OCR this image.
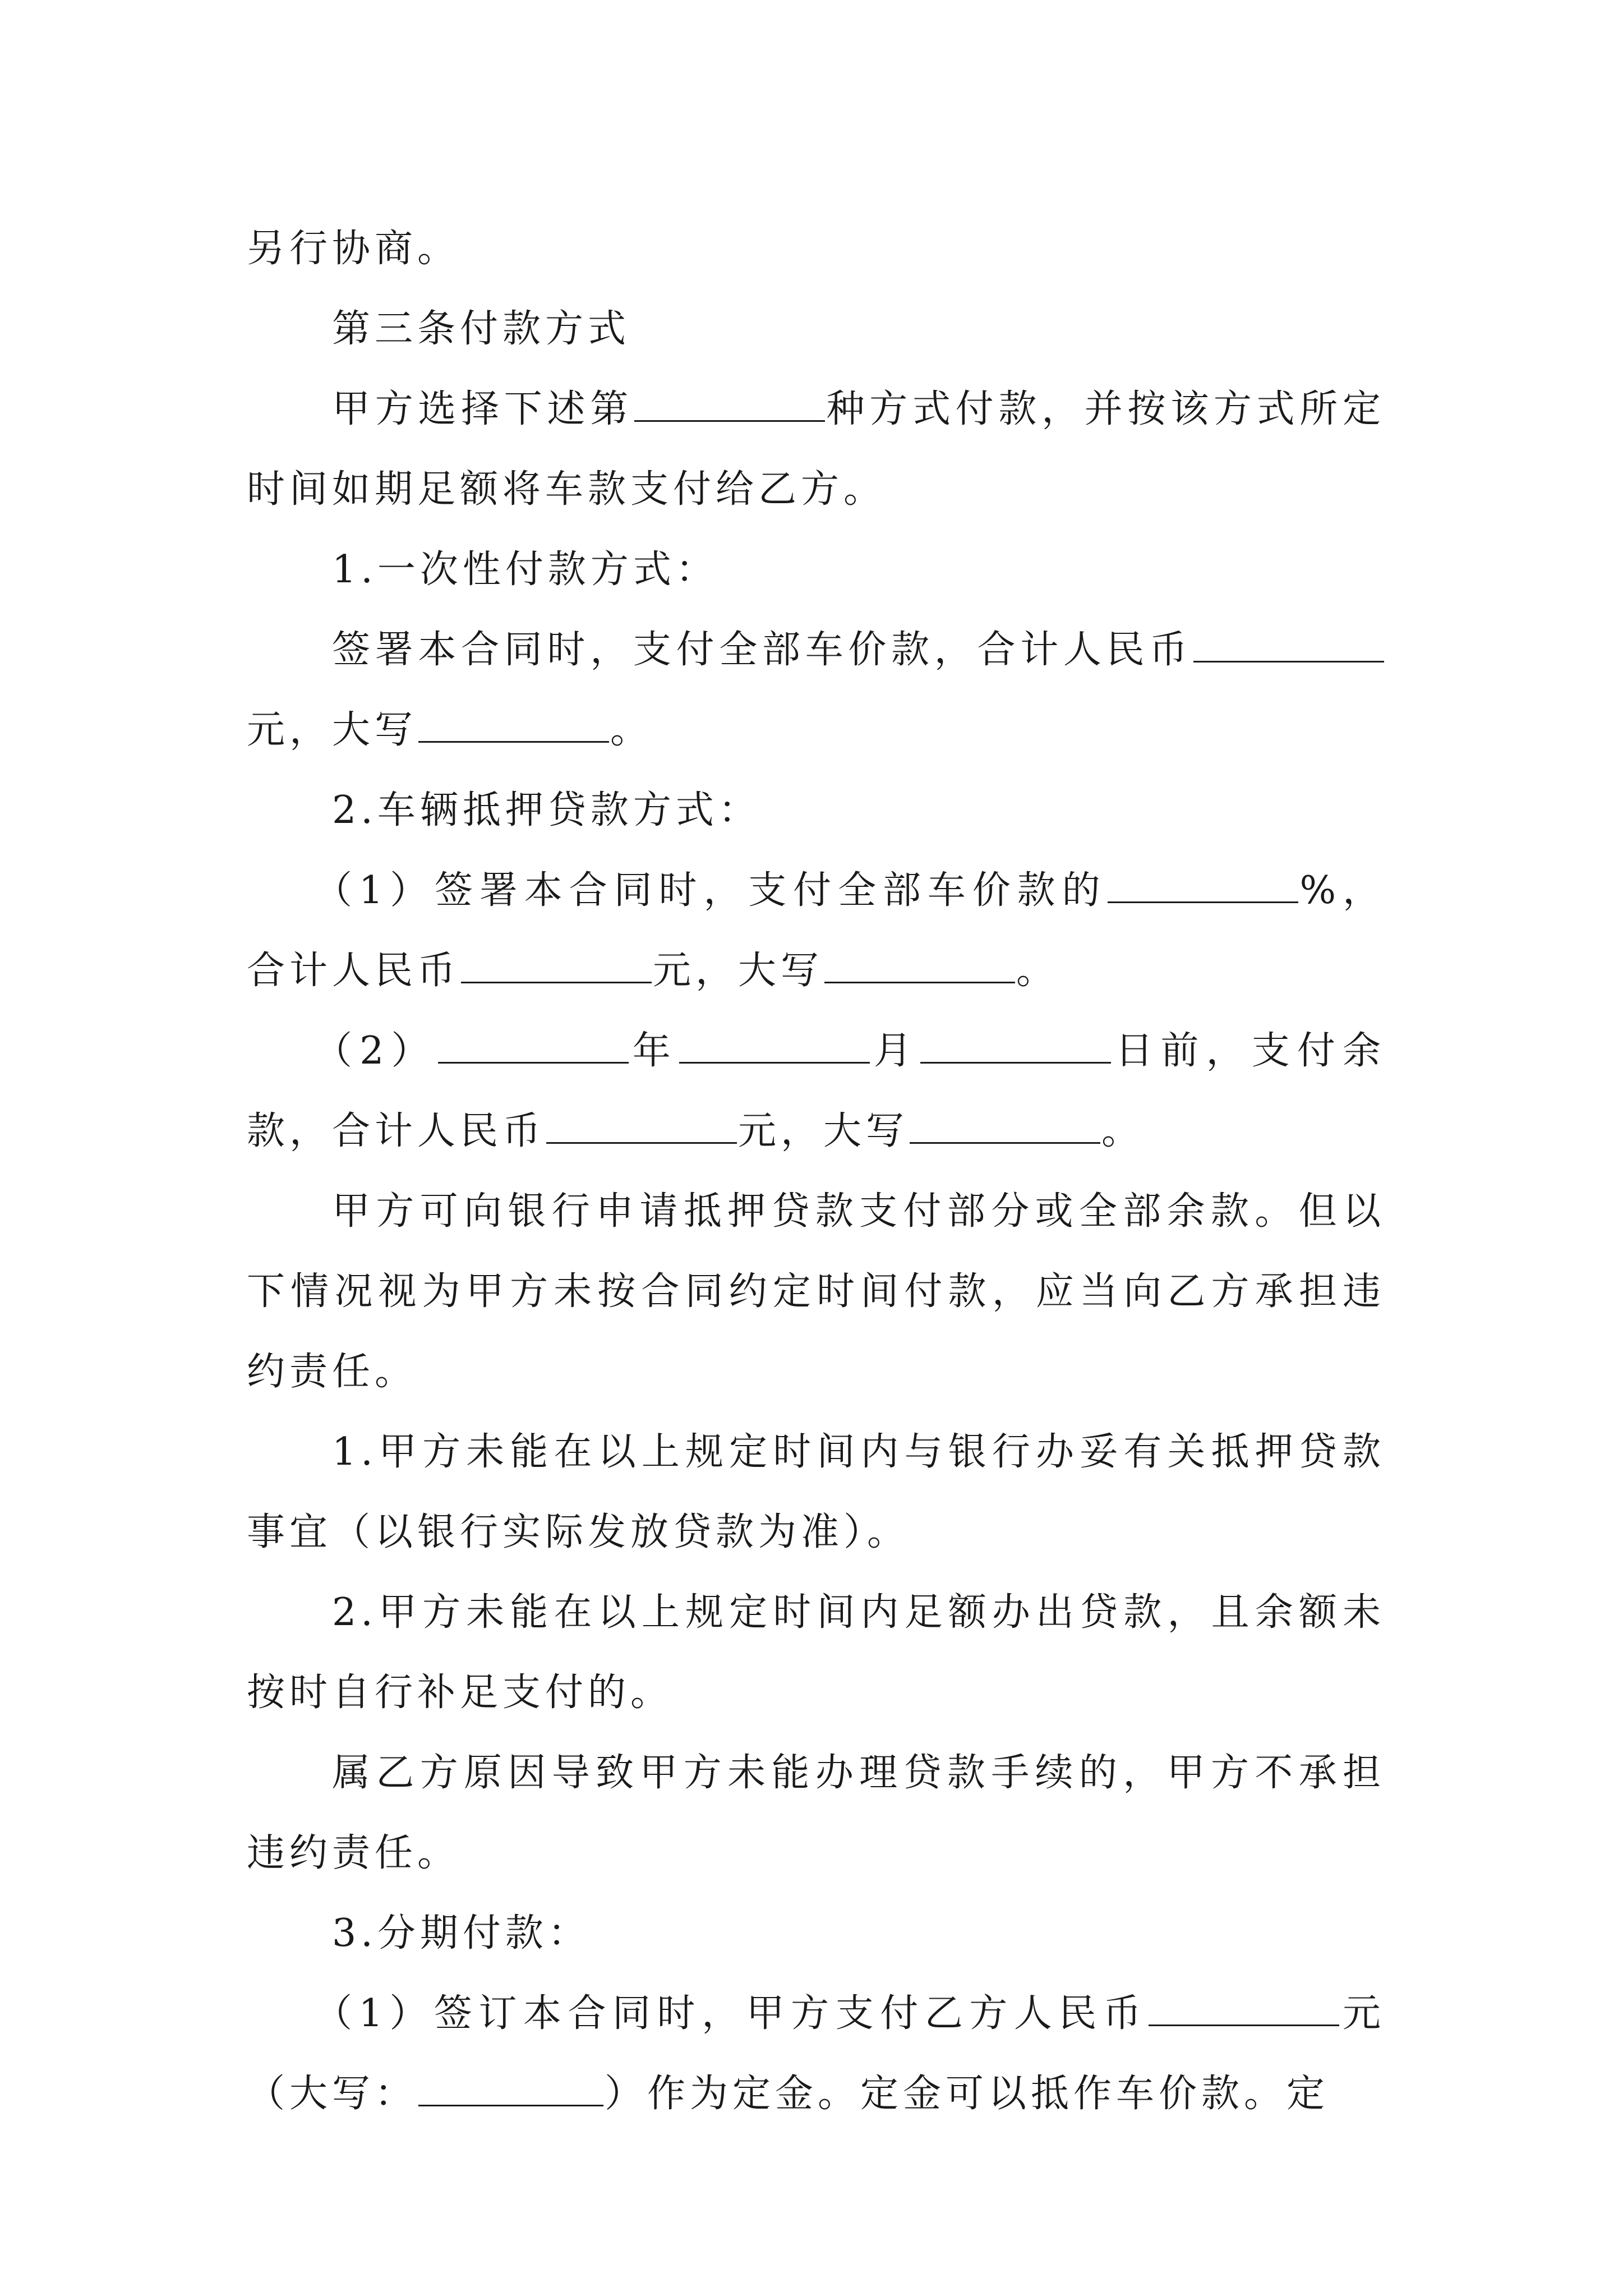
另行协商。

第三条付款方式

甲方选择下述第	种方式付款，并按该方式所定时间如期足额将车款支付给乙方。

1.一次性付款方式：

签署本合同时，支付全部车价款，合计人民币元，大写	。

2.车辆抵押贷款方式：

（1）签署本合同时，支付全部车价款的	%，合计人民币	元，大写	。

（2）	年	月	日前，支付余款，合计人民币	元，大写	。

甲方可向银行申请抵押贷款支付部分或全部余款。但以下情况视为甲方未按合同约定时间付款，应当向乙方承担违约责任。

1.甲方未能在以上规定时间内与银行办妥有关抵押贷款事宜（以银行实际发放贷款为准）。

2.甲方未能在以上规定时间内足额办出贷款，且余额未按时自行补足支付的。

属乙方原因导致甲方未能办理贷款手续的，甲方不承担违约责任。

3.分期付款：

（1）签订本合同时，甲方支付乙方人民币	元（大写：	）作为定金。定金可以抵作车价款。定
